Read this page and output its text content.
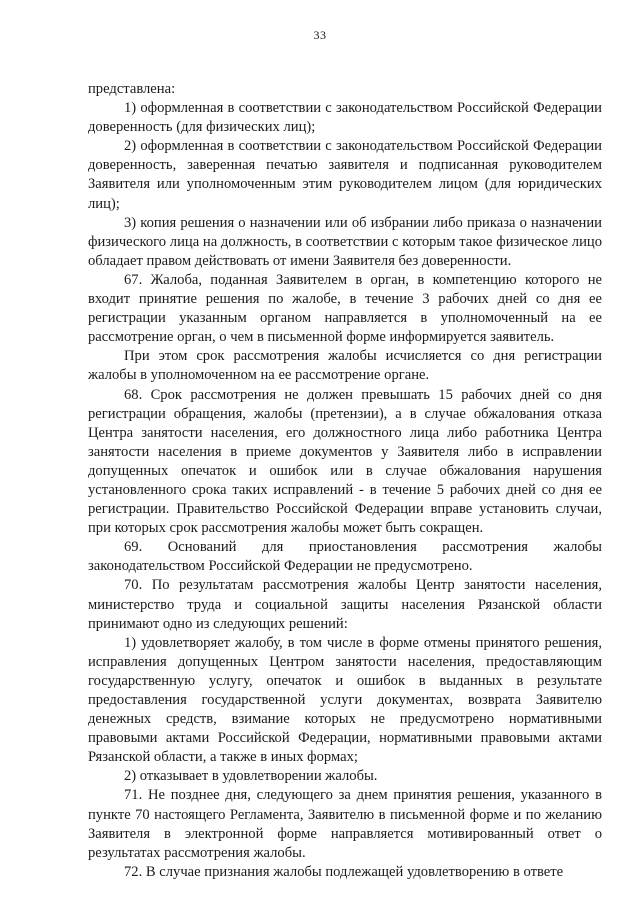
33

представлена:

1) оформленная в соответствии с законодательством Российской Федерации доверенность (для физических лиц);

2) оформленная в соответствии с законодательством Российской Федерации доверенность, заверенная печатью заявителя и подписанная руководителем Заявителя или уполномоченным этим руководителем лицом (для юридических лиц);

3) копия решения о назначении или об избрании либо приказа о назначении физического лица на должность, в соответствии с которым такое физическое лицо обладает правом действовать от имени Заявителя без доверенности.

67. Жалоба, поданная Заявителем в орган, в компетенцию которого не входит принятие решения по жалобе, в течение 3 рабочих дней со дня ее регистрации указанным органом направляется в уполномоченный на ее рассмотрение орган, о чем в письменной форме информируется заявитель.

При этом срок рассмотрения жалобы исчисляется со дня регистрации жалобы в уполномоченном на ее рассмотрение органе.

68. Срок рассмотрения не должен превышать 15 рабочих дней со дня регистрации обращения, жалобы (претензии), а в случае обжалования отказа Центра занятости населения, его должностного лица либо работника Центра занятости населения в приеме документов у Заявителя либо в исправлении допущенных опечаток и ошибок или в случае обжалования нарушения установленного срока таких исправлений - в течение 5 рабочих дней со дня ее регистрации. Правительство Российской Федерации вправе установить случаи, при которых срок рассмотрения жалобы может быть сокращен.

69. Оснований для приостановления рассмотрения жалобы законодательством Российской Федерации не предусмотрено.

70. По результатам рассмотрения жалобы Центр занятости населения, министерство труда и социальной защиты населения Рязанской области принимают одно из следующих решений:

1) удовлетворяет жалобу, в том числе в форме отмены принятого решения, исправления допущенных Центром занятости населения, предоставляющим государственную услугу, опечаток и ошибок в выданных в результате предоставления государственной услуги документах, возврата Заявителю денежных средств, взимание которых не предусмотрено нормативными правовыми актами Российской Федерации, нормативными правовыми актами Рязанской области, а также в иных формах;

2) отказывает в удовлетворении жалобы.

71. Не позднее дня, следующего за днем принятия решения, указанного в пункте 70 настоящего Регламента, Заявителю в письменной форме и по желанию Заявителя в электронной форме направляется мотивированный ответ о результатах рассмотрения жалобы.

72. В случае признания жалобы подлежащей удовлетворению в ответе
